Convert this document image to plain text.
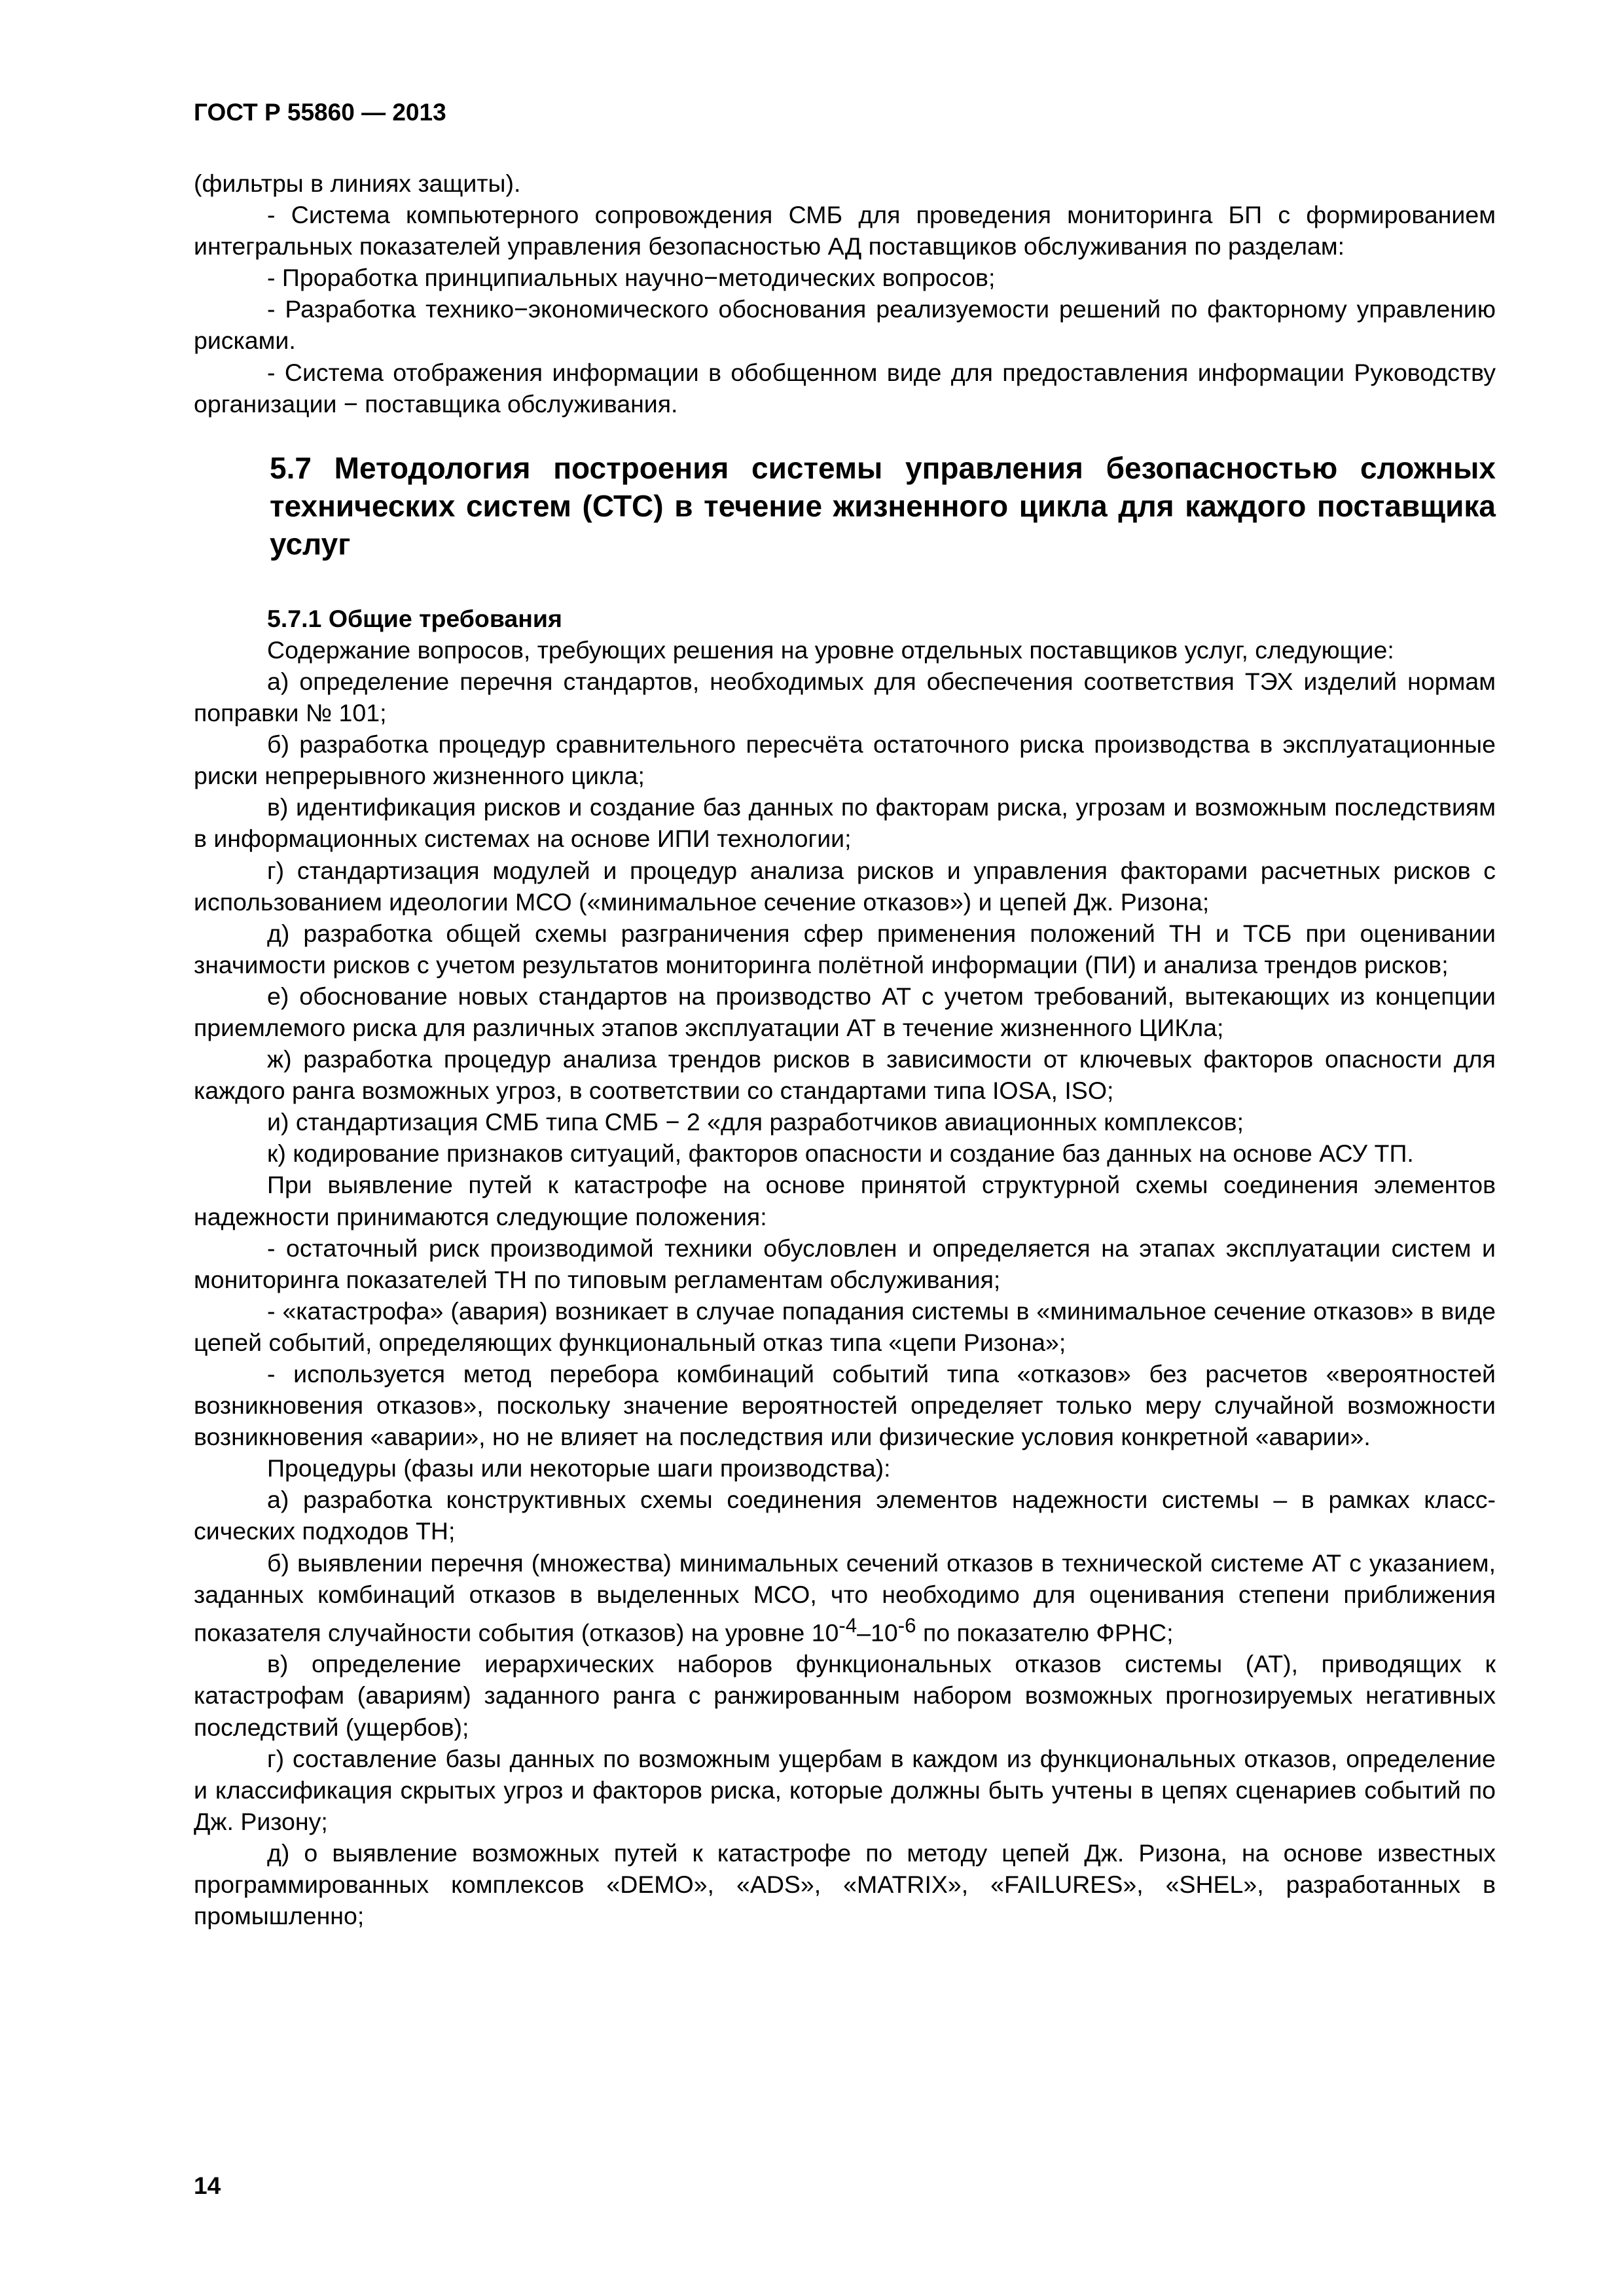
ГОСТ Р 55860 — 2013

(фильтры в линиях защиты).

- Система компьютерного сопровождения СМБ для проведения мониторинга БП с формированием интегральных показателей управления безопасностью АД поставщиков обслуживания по разделам:

- Проработка принципиальных научно−методических вопросов;

- Разработка технико−экономического обоснования реализуемости решений по факторному управлению рисками.

- Система отображения информации в обобщенном виде для предоставления информации Руководству организации − поставщика обслуживания.

5.7 Методология построения системы управления безопасностью сложных технических систем (СТС) в течение жизненного цикла для каждого поставщика услуг
5.7.1 Общие требования

Содержание вопросов, требующих решения на уровне отдельных поставщиков услуг, следующие:

а) определение перечня стандартов, необходимых для обеспечения соответствия ТЭХ изделий нормам поправки № 101;

б) разработка процедур сравнительного пересчёта остаточного риска производства в эксплуатационные риски непрерывного жизненного цикла;

в) идентификация рисков и создание баз данных по факторам риска, угрозам и возможным последствиям в информационных системах на основе ИПИ технологии;

г) стандартизация модулей и процедур анализа рисков и управления факторами расчетных рисков с использованием идеологии МСО («минимальное сечение отказов») и цепей Дж. Ризона;

д) разработка общей схемы разграничения сфер применения положений ТН и ТСБ при оценивании значимости рисков с учетом результатов мониторинга полётной информации (ПИ) и анализа трендов рисков;

е) обоснование новых стандартов на производство АТ с учетом требований, вытекающих из концепции приемлемого риска для различных этапов эксплуатации АТ в течение жизненного ЦИКла;

ж) разработка процедур анализа трендов рисков в зависимости от ключевых факторов опасности для каждого ранга возможных угроз, в соответствии со стандартами типа IOSA, ISO;

и) стандартизация СМБ типа СМБ − 2 «для разработчиков авиационных комплексов;

к) кодирование признаков ситуаций, факторов опасности и создание баз данных на основе АСУ ТП.

При выявление путей к катастрофе на основе принятой структурной схемы соединения элементов надежности принимаются следующие положения:

- остаточный риск производимой техники обусловлен и определяется на этапах эксплуатации систем и мониторинга показателей ТН по типовым регламентам обслуживания;

- «катастрофа» (авария) возникает в случае попадания системы в «минимальное сечение отказов» в виде цепей событий, определяющих функциональный отказ типа «цепи Ризона»;

- используется метод перебора комбинаций событий типа «отказов» без расчетов «вероятностей возникновения отказов», поскольку значение вероятностей определяет только меру случайной возможности возникновения «аварии», но не влияет на последствия или физические условия конкретной «аварии».

Процедуры (фазы или некоторые шаги производства):

а) разработка конструктивных схемы соединения элементов надежности системы – в рамках класс-сических подходов ТН;

б) выявлении перечня (множества) минимальных сечений отказов в технической системе АТ с указанием, заданных комбинаций отказов в выделенных МСО, что необходимо для оценивания степени приближения показателя случайности события (отказов) на уровне $10^{-4}-10^{-6}$ по показателю ФРНС;

в) определение иерархических наборов функциональных отказов системы (АТ), приводящих к катастрофам (авариям) заданного ранга с ранжированным набором возможных прогнозируемых негативных последствий (ущербов);

г) составление базы данных по возможным ущербам в каждом из функциональных отказов, определение и классификация скрытых угроз и факторов риска, которые должны быть учтены в цепях сценариев событий по Дж. Ризону;

д) о выявление возможных путей к катастрофе по методу цепей Дж. Ризона, на основе известных программированных комплексов «DEMO», «ADS», «MATRIX», «FAILURES», «SHEL», разработанных в промышленно;

14
